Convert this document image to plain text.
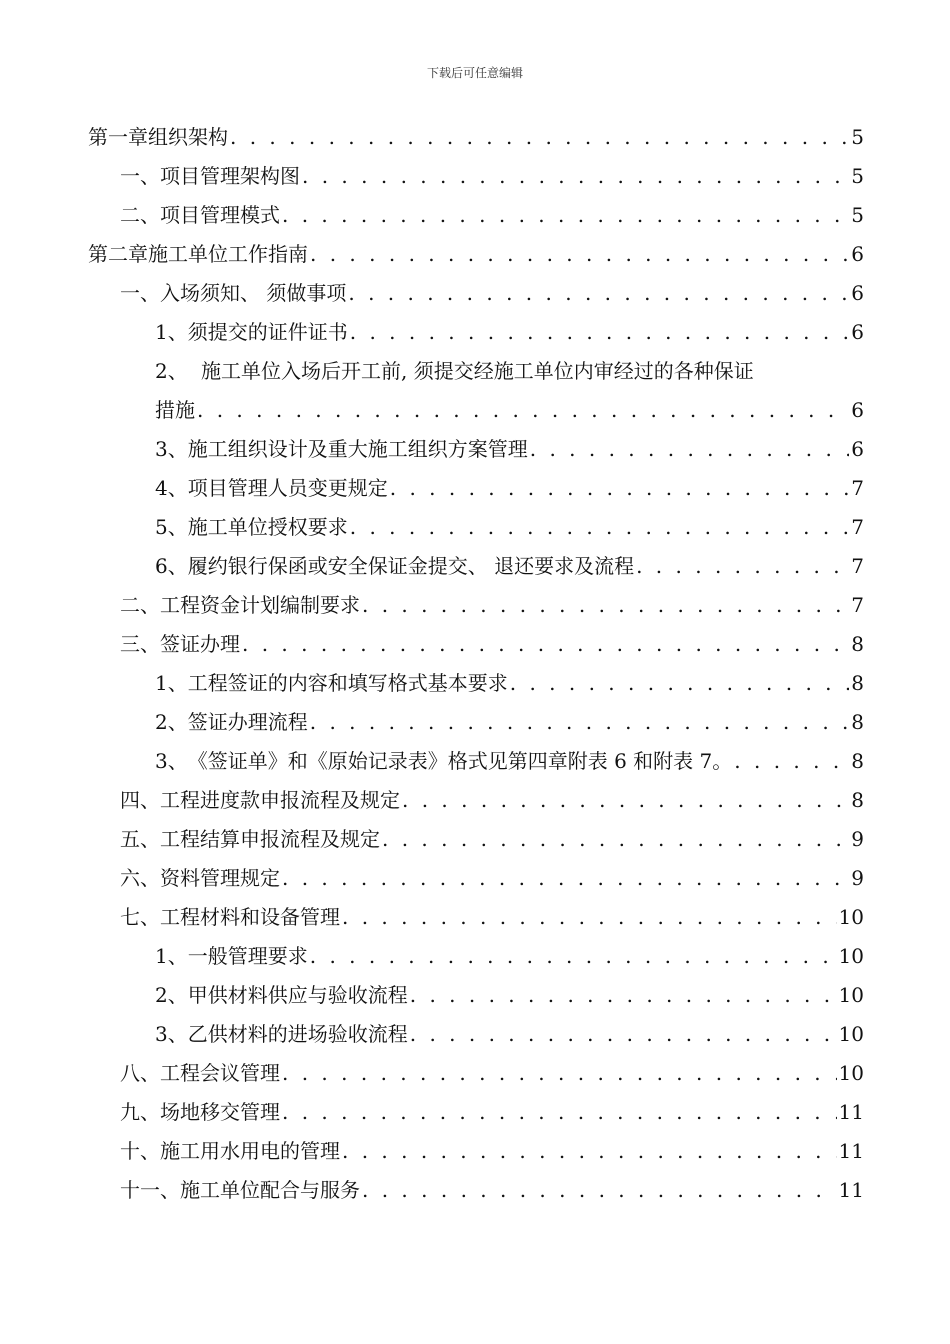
下载后可任意编辑
第一章 组织架构 . . .	5
一、 项目管理架构图 . . .	5
二、 项目管理模式 . . .	5
第二章 施工单位工作指南 . . .	6
一、 入场须知、 须做事项 . . .	6
1、 须提交的证件证书 . . .	6
2、 施工单位入场后开工前, 须提交经施工单位内审经过的各种保证
措施 . . .	6
3、 施工组织设计及重大施工组织方案管理 . . .	6
4、 项目管理人员变更规定 . . .	7
5、 施工单位授权要求 . . .	7
6、 履约银行保函或安全保证金提交、 退还要求及流程 . . .	7
二、 工程资金计划编制要求 . . .	7
三、 签证办理 . . .	8
1、 工程签证的内容和填写格式基本要求 . . .	8
2、 签证办理流程 . . .	8
3、 《签证单》和《原始记录表》格式见第四章附表 6 和附表 7。 . . .	8
四、 工程进度款申报流程及规定 . . .	8
五、 工程结算申报流程及规定 . . .	9
六、 资料管理规定 . . .	9
七、 工程材料和设备管理 . . .	10
1、 一般管理要求 . . .	10
2、 甲供材料供应与验收流程 . . .	10
3、 乙供材料的进场验收流程 . . .	10
八、 工程会议管理 . . .	10
九、 场地移交管理 . . .	11
十、 施工用水用电的管理 . . .	11
十一、 施工单位配合与服务 . . .	11
